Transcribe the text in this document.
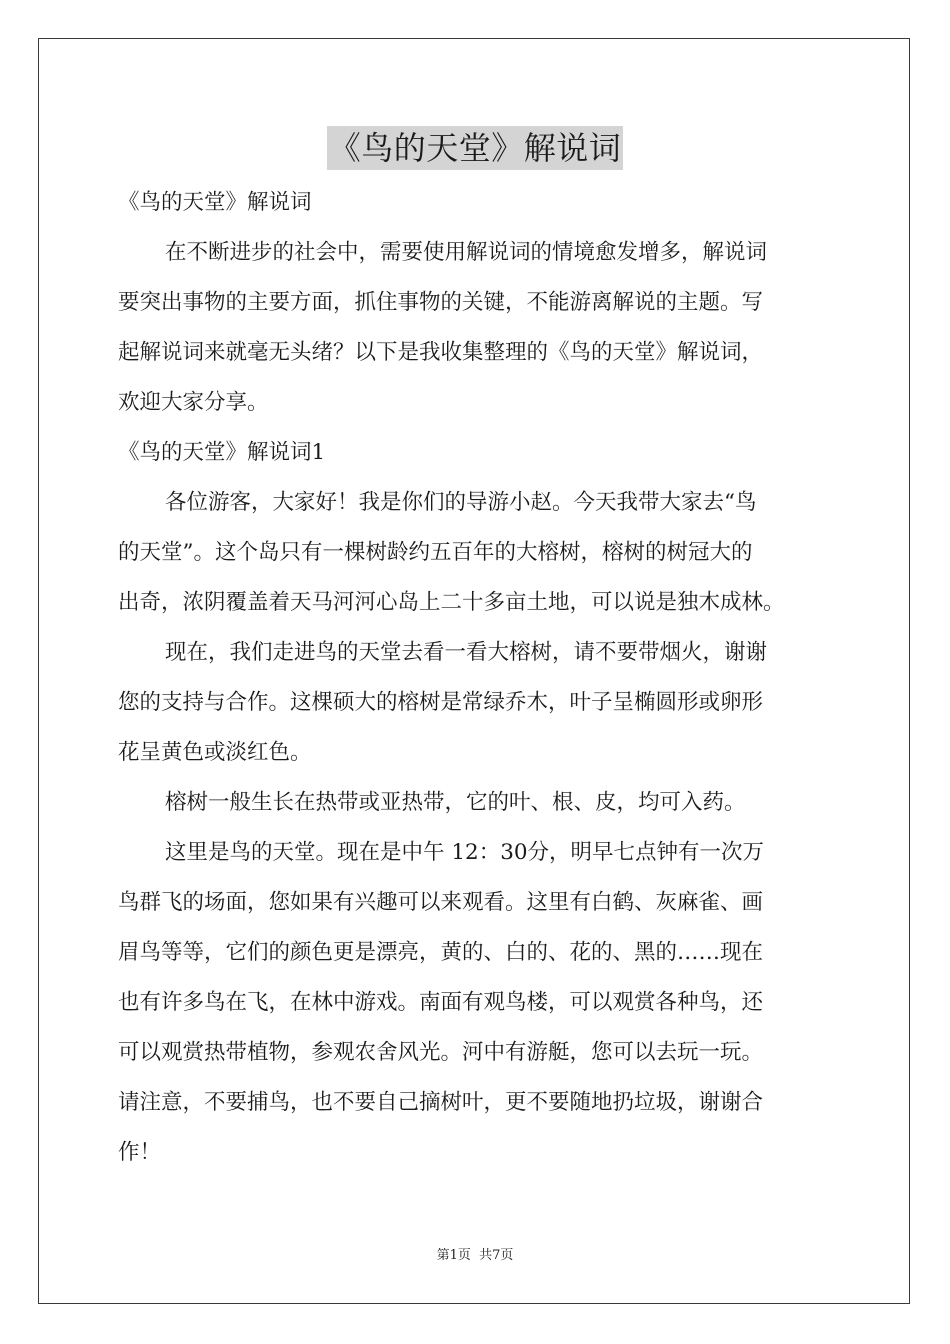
《鸟的天堂》解说词
《鸟的天堂》解说词
在不断进步的社会中，需要使用解说词的情境愈发增多，解说词
要突出事物的主要方面，抓住事物的关键，不能游离解说的主题。写
起解说词来就毫无头绪？以下是我收集整理的《鸟的天堂》解说词，
欢迎大家分享。
《鸟的天堂》解说词1
各位游客，大家好！我是你们的导游小赵。今天我带大家去“鸟
的天堂”。这个岛只有一棵树龄约五百年的大榕树，榕树的树冠大的
出奇，浓阴覆盖着天马河河心岛上二十多亩土地，可以说是独木成林。
现在，我们走进鸟的天堂去看一看大榕树，请不要带烟火，谢谢
您的支持与合作。这棵硕大的榕树是常绿乔木，叶子呈椭圆形或卵形
花呈黄色或淡红色。
榕树一般生长在热带或亚热带，它的叶、根、皮，均可入药。
这里是鸟的天堂。现在是中午 12：30分，明早七点钟有一次万
鸟群飞的场面，您如果有兴趣可以来观看。这里有白鹤、灰麻雀、画
眉鸟等等，它们的颜色更是漂亮，黄的、白的、花的、黑的……现在
也有许多鸟在飞，在林中游戏。南面有观鸟楼，可以观赏各种鸟，还
可以观赏热带植物，参观农舍风光。河中有游艇，您可以去玩一玩。
请注意，不要捕鸟，也不要自己摘树叶，更不要随地扔垃圾，谢谢合
作！
第1页 共7页
